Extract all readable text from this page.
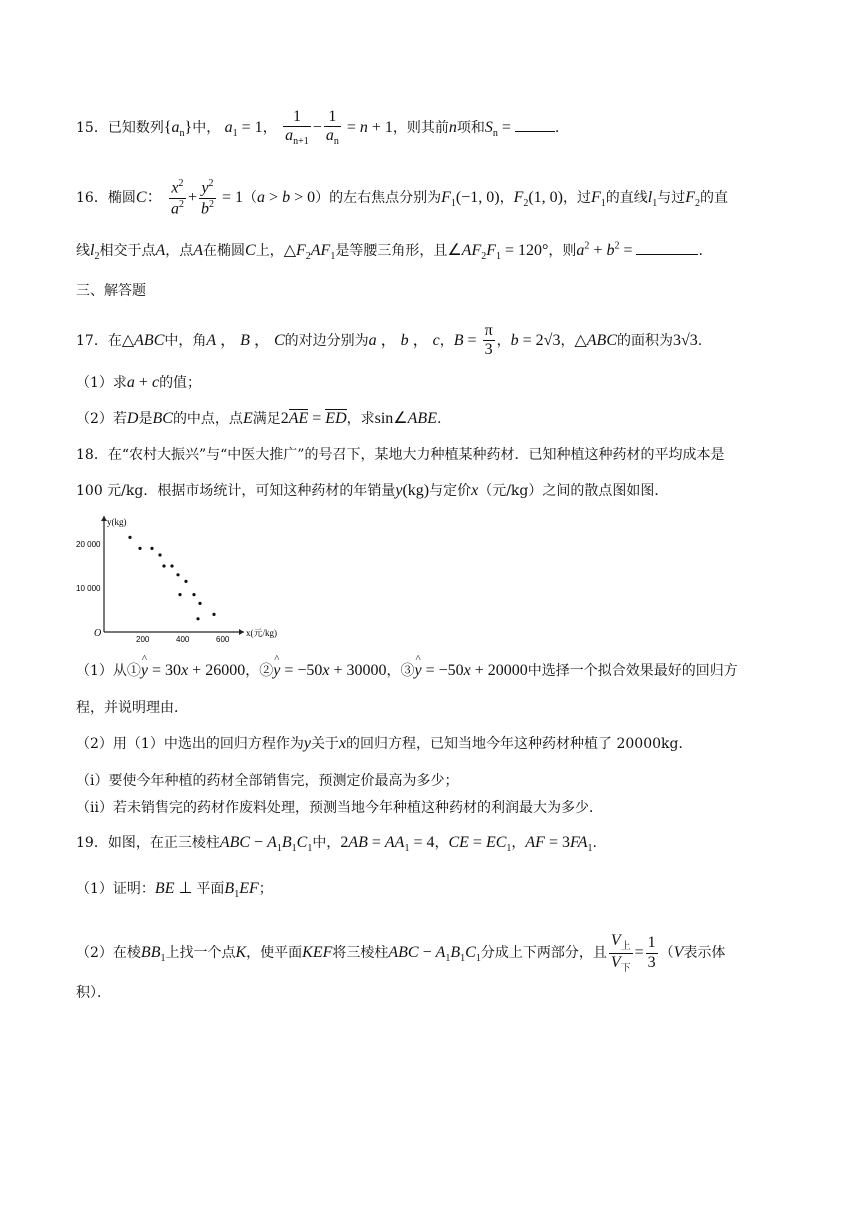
15．已知数列$\{a_n\}$中， $a_1 = 1$， $\frac{1}{a_{n+1}} - \frac{1}{a_n} = n + 1$，则其前n项和$S_n$ =	.
16．椭圆C： $\frac{x^2}{a^2} + \frac{y^2}{b^2} = 1(a > b > 0)$的左右焦点分别为$F_1(-1$, 0)，$F_2(1$, 0)，过$F_1$的直线$l_1$与过$F_2$的直
线$l_2$相交于点A，点A在椭圆C上，$\triangle F_2AF_1$是等腰三角形，且$\angle AF_2F_1 = 120^\circ$，则$a^2 + b^2$ =	.
三、解答题
17．在△ABC中，角A ， B ， C的对边分别为a ， b ， c，$B = \frac{\pi}{3}$ ，b = 2√3，△ABC的面积为3√3.
（1）求a + c的值；
（2）若D是BC的中点，点E满足2AE = ED，求sin∠ABE.
18．在“农村大振兴”与“中医大推广”的号召下，某地大力种植某种药材．已知种植这种药材的平均成本是
100 元/kg．根据市场统计，可知这种药材的年销量y(kg)与定价x（元/kg）之间的散点图如图．
O
y(kg)
x(元/kg)
200	400	600
10 000
20 000
（1）从①^ y = 30x + 26000，②^ y = −50x + 30000，③^ y = −50x + 20000中选择一个拟合效果最好的回归方
程，并说明理由．
（2）用（1）中选出的回归方程作为y关于x的回归方程，已知当地今年这种药材种植了 20000kg．
（ⅰ）要使今年种植的药材全部销售完，预测定价最高为多少；
（ⅱ）若未销售完的药材作废料处理，预测当地今年种植这种药材的利润最大为多少．
19．如图，在正三棱柱ABC − $A_1B_1C_1$中，$2AB = AA_1 = 4$，CE = $EC_1$，AF = $3FA_1$.
（1）证明：BE ⊥ 平面$B_1EF$；
（2）在棱$BB_1$上找一个点K，使平面KEF将三棱柱ABC − $A_1B_1C_1$分成上下两部分，且 $\frac{V_上}{V_下} = \frac{1}{3} (V$表示体
积）．
